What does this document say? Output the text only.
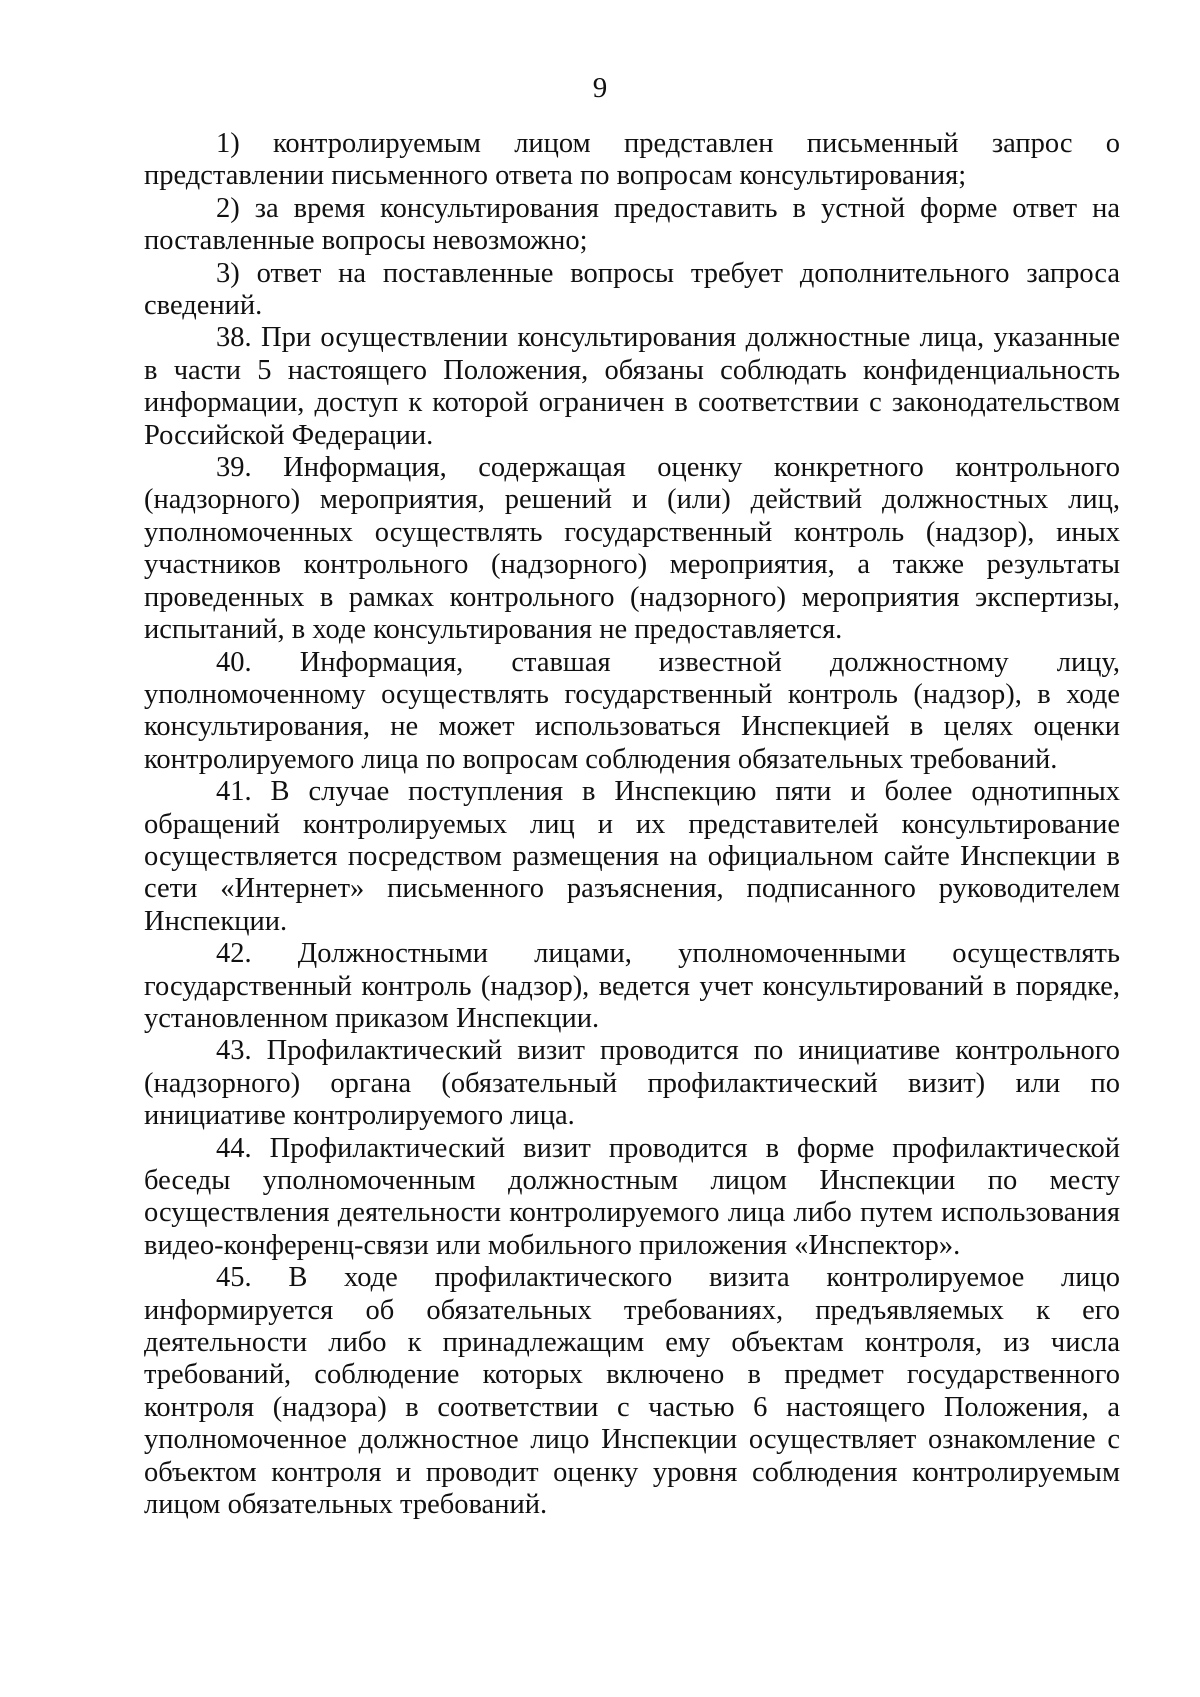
9

1) контролируемым лицом представлен письменный запрос о представлении письменного ответа по вопросам консультирования;

2) за время консультирования предоставить в устной форме ответ на поставленные вопросы невозможно;

3) ответ на поставленные вопросы требует дополнительного запроса сведений.

38. При осуществлении консультирования должностные лица, указанные в части 5 настоящего Положения, обязаны соблюдать конфиденциальность информации, доступ к которой ограничен в соответствии с законодательством Российской Федерации.

39. Информация, содержащая оценку конкретного контрольного (надзорного) мероприятия, решений и (или) действий должностных лиц, уполномоченных осуществлять государственный контроль (надзор), иных участников контрольного (надзорного) мероприятия, а также результаты проведенных в рамках контрольного (надзорного) мероприятия экспертизы, испытаний, в ходе консультирования не предоставляется.

40. Информация, ставшая известной должностному лицу, уполномоченному осуществлять государственный контроль (надзор), в ходе консультирования, не может использоваться Инспекцией в целях оценки контролируемого лица по вопросам соблюдения обязательных требований.

41. В случае поступления в Инспекцию пяти и более однотипных обращений контролируемых лиц и их представителей консультирование осуществляется посредством размещения на официальном сайте Инспекции в сети «Интернет» письменного разъяснения, подписанного руководителем Инспекции.

42. Должностными лицами, уполномоченными осуществлять государственный контроль (надзор), ведется учет консультирований в порядке, установленном приказом Инспекции.

43. Профилактический визит проводится по инициативе контрольного (надзорного) органа (обязательный профилактический визит) или по инициативе контролируемого лица.

44. Профилактический визит проводится в форме профилактической беседы уполномоченным должностным лицом Инспекции по месту осуществления деятельности контролируемого лица либо путем использования видео-конференц-связи или мобильного приложения «Инспектор».

45. В ходе профилактического визита контролируемое лицо информируется об обязательных требованиях, предъявляемых к его деятельности либо к принадлежащим ему объектам контроля, из числа требований, соблюдение которых включено в предмет государственного контроля (надзора) в соответствии с частью 6 настоящего Положения, а уполномоченное должностное лицо Инспекции осуществляет ознакомление с объектом контроля и проводит оценку уровня соблюдения контролируемым лицом обязательных требований.
